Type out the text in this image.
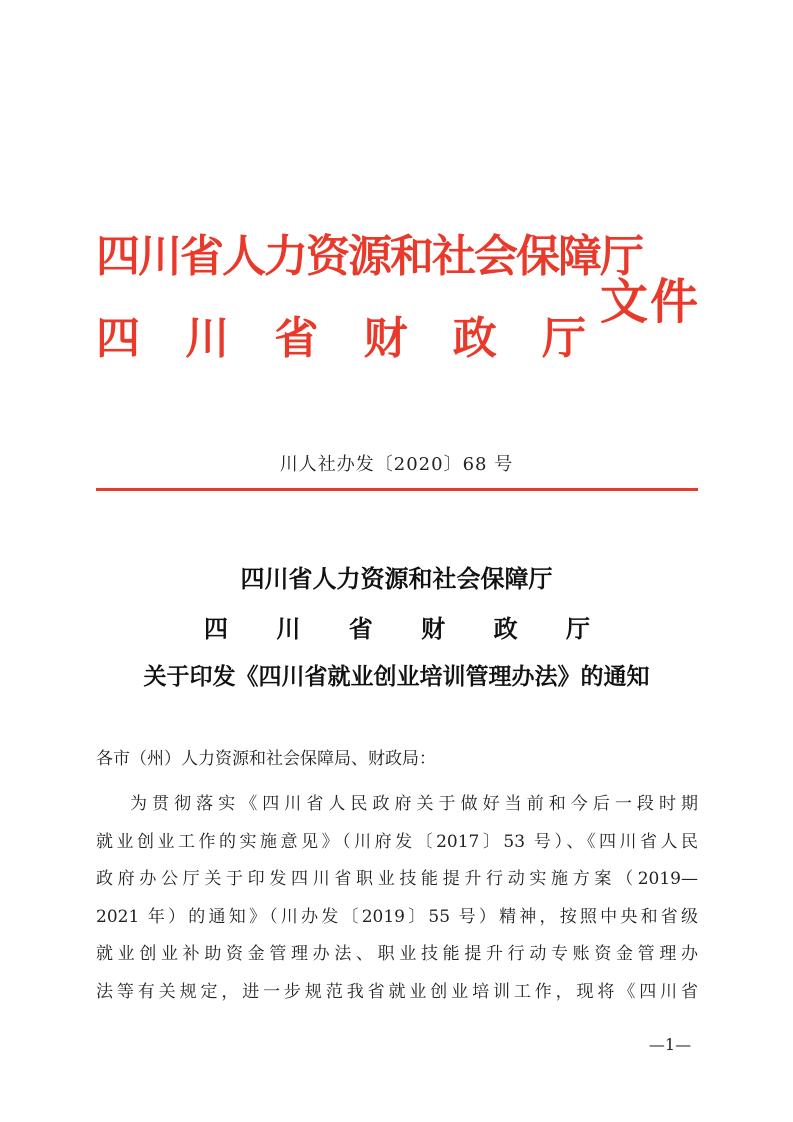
四川省人力资源和社会保障厅
四 川 省 财 政 厅
文件
川人社办发〔2020〕68 号
四川省人力资源和社会保障厅
四 川 省 财 政 厅
关于印发《四川省就业创业培训管理办法》的通知
各市（州）人力资源和社会保障局、财政局：
为贯彻落实《四川省人民政府关于做好当前和今后一段时期
就业创业工作的实施意见》（川府发〔2017〕53 号）、《四川省人民
政府办公厅关于印发四川省职业技能提升行动实施方案（2019—
2021 年）的通知》（川办发〔2019〕55 号）精神，按照中央和省级
就业创业补助资金管理办法、职业技能提升行动专账资金管理办
法等有关规定，进一步规范我省就业创业培训工作，现将《四川省
—1—
